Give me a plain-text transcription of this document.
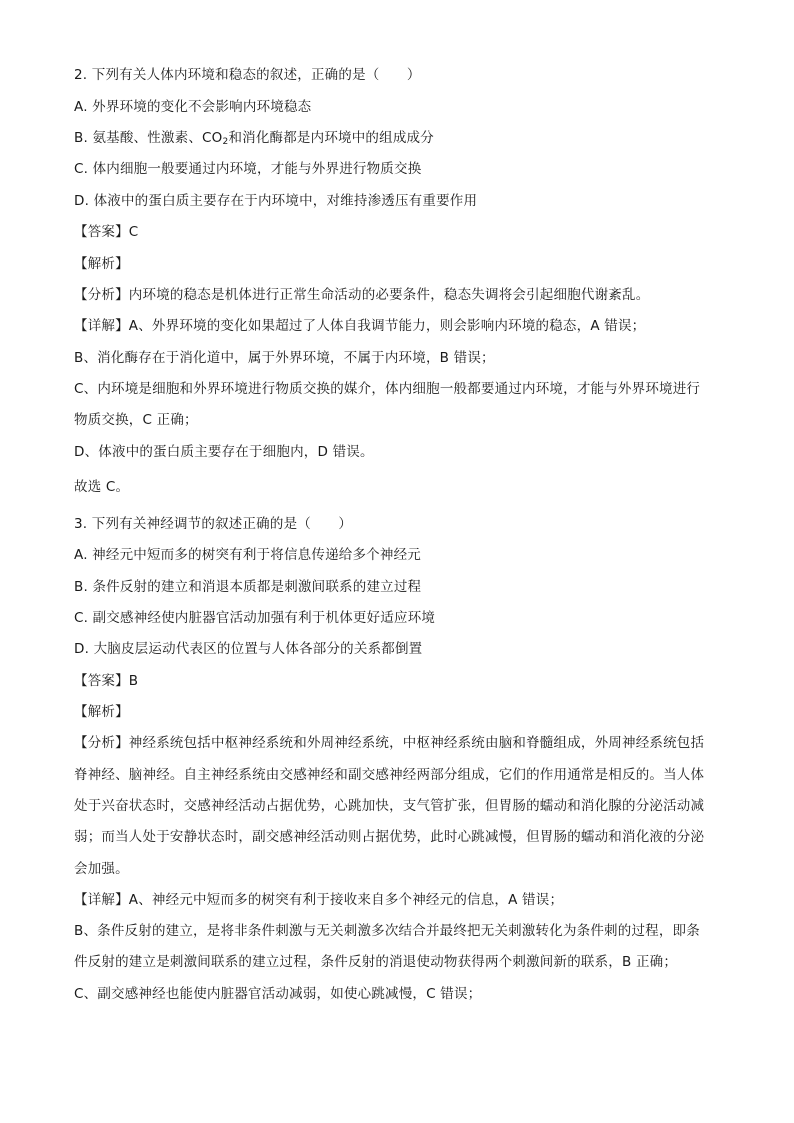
2. 下列有关人体内环境和稳态的叙述，正确的是（　　）
A. 外界环境的变化不会影响内环境稳态
B. 氨基酸、性激素、$CO_2$和消化酶都是内环境中的组成成分
C. 体内细胞一般要通过内环境，才能与外界进行物质交换
D. 体液中的蛋白质主要存在于内环境中，对维持渗透压有重要作用
【答案】C
【解析】
【分析】内环境的稳态是机体进行正常生命活动的必要条件，稳态失调将会引起细胞代谢紊乱。
【详解】A、外界环境的变化如果超过了人体自我调节能力，则会影响内环境的稳态，A 错误；
B、消化酶存在于消化道中，属于外界环境，不属于内环境，B 错误；
C、内环境是细胞和外界环境进行物质交换的媒介，体内细胞一般都要通过内环境，才能与外界环境进行
物质交换，C 正确；
D、体液中的蛋白质主要存在于细胞内，D 错误。
故选 C。
3. 下列有关神经调节的叙述正确的是（　　）
A. 神经元中短而多的树突有利于将信息传递给多个神经元
B. 条件反射的建立和消退本质都是刺激间联系的建立过程
C. 副交感神经使内脏器官活动加强有利于机体更好适应环境
D. 大脑皮层运动代表区的位置与人体各部分的关系都倒置
【答案】B
【解析】
【分析】神经系统包括中枢神经系统和外周神经系统，中枢神经系统由脑和脊髓组成，外周神经系统包括
脊神经、脑神经。自主神经系统由交感神经和副交感神经两部分组成，它们的作用通常是相反的。当人体
处于兴奋状态时，交感神经活动占据优势，心跳加快，支气管扩张，但胃肠的蠕动和消化腺的分泌活动减
弱；而当人处于安静状态时，副交感神经活动则占据优势，此时心跳减慢，但胃肠的蠕动和消化液的分泌
会加强。
【详解】A、神经元中短而多的树突有利于接收来自多个神经元的信息，A 错误；
B、条件反射的建立，是将非条件刺激与无关刺激多次结合并最终把无关刺激转化为条件刺的过程，即条
件反射的建立是刺激间联系的建立过程，条件反射的消退使动物获得两个刺激间新的联系，B 正确；
C、副交感神经也能使内脏器官活动减弱，如使心跳减慢，C 错误；
